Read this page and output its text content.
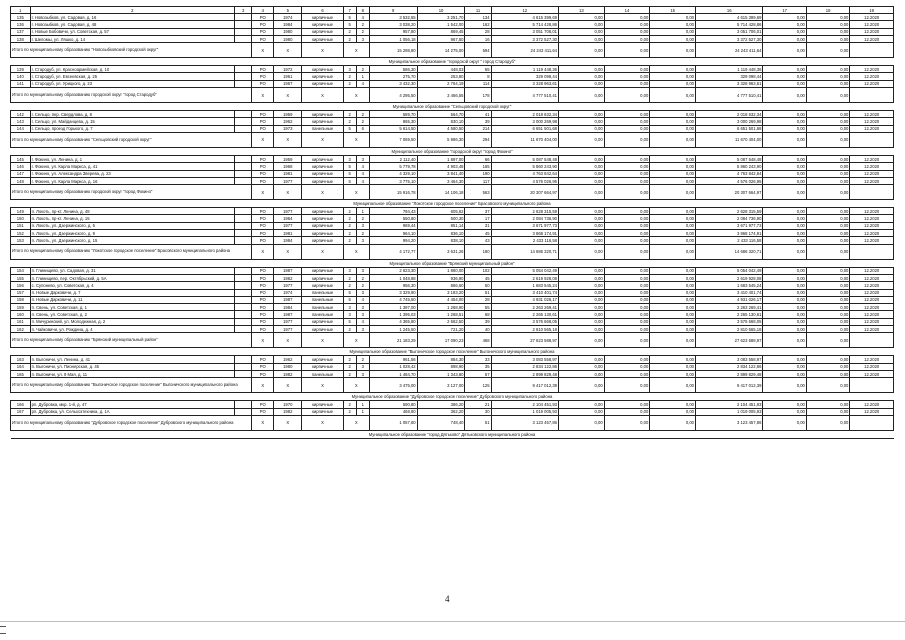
1	2	3	4	5	6	7	8	9	10	11	12	13	14	15	16	17	18	19
135	г. Новозыбков, ул. Садовая, д. 16		РО	1974	кирпичные	5	4	3 532,55	3 251,70	134	4 615 399,69	0,00	0,00	0,00	4 615 399,69	0,00	0,00	12.2020
136	г. Новозыбков, ул. Садовая, д. 48		РО	1984	кирпичные	5	2	3 038,20	1 542,00	162	5 714 428,86	0,00	0,00	0,00	5 714 428,86	0,00	0,00	12.2020
137	г. Новые Бобовичи, ул. Советская, д. 57		РО	1980	кирпичные	2	2	957,80	869,45	28	3 051 706,01	0,00	0,00	0,00	3 051 706,01	0,00	0,00	12.2020
138	г. Шеломы, ул. Ляшко, д. 14		РО	1980	кирпичные	2	3	1 056,18	967,50	16	3 372 527,30	0,00	0,00	0,00	3 372 527,30	0,00	0,00	12.2020
Итого по муниципальному образованию "Новозыбковский городской округ"			X	X	X	X		15 298,80	14 275,00	594	24 243 411,64	0,00	0,00	0,00	24 243 411,64	0,00	0,00	
Муниципальное образование "городской округ " город Стародуб"																		
139	г. Стародуб, ул. Красноармейская, д. 10		РО	1972	кирпичные	3	2	586,30	448,03	55	1 119 448,36	0,00	0,00	0,00	1 119 448,36	0,00	0,00	12.2020
140	г. Стародуб, ул. Евсеевская, д. 25		РО	1961	кирпичные	2	1	275,70	253,80	8	329 098,44	0,00	0,00	0,00	329 098,44	0,00	0,00	12.2020
141	г. Стародуб, ул. Урицкого, д. 23		РО	1967	кирпичные	2	4	3 432,30	2 764,19	114	3 328 963,61	0,00	0,00	0,00	3 328 963,61	0,00	0,00	12.2020
Итого по муниципальному образованию городской округ "город Стародуб"			X	X	X	X		4 295,50	3 466,55	178	4 777 510,41	0,00	0,00	0,00	4 777 510,41	0,00	0,00	
Муниципальное образование "Сельцовский городской округ"																		
142	г. Сельцо, пер. Свердлова, д. 8		РО	1959	кирпичные	2	2	589,70	564,70	41	2 018 632,34	0,00	0,00	0,00	2 018 632,34	0,00	0,00	12.2020
143	г. Сельцо, ул. Майданцева, д. 15		РО	1962	кирпичные	2	2	865,30	830,10	39	3 000 269,98	0,00	0,00	0,00	3 000 269,98	0,00	0,00	12.2020
144	г. Сельцо, проезд Горького, д. 7		РО	1973	панельные	5	6	5 614,50	4 580,50	214	6 651 501,68	0,00	0,00	0,00	6 651 501,68	0,00	0,00	12.2020
Итого по муниципальному образованию "Сельцовский городской округ"			X	X	X	X		7 069,50	5 986,30	294	11 670 404,00	0,00	0,00	0,00	11 670 404,00	0,00	0,00	
Муниципальное образование "городской округ "город Фокино"																		
145	г. Фокино, ул. Ленина, д. 1		РО	1959	кирпичные	3	3	2 112,40	1 897,00	66	5 087 548,48	0,00	0,00	0,00	5 087 548,48	0,00	0,00	12.2020
146	г. Фокино, ул. Карла Маркса, д. 41		РО	1968	кирпичные	5	4	5 779,78	4 903,48	165	5 860 243,90	0,00	0,00	0,00	5 860 243,90	0,00	0,00	12.2020
147	г. Фокино, ул. Александра Зверева, д. 23		РО	1981	кирпичные	5	4	4 329,10	3 841,40	190	4 763 842,64	0,00	0,00	0,00	4 763 842,64	0,00	0,00	12.2020
148	г. Фокино, ул. Карла Маркса, д. 16		РО	1977	кирпичные	5	4	3 775,10	3 464,30	117	4 576 026,95	0,00	0,00	0,00	4 576 026,95	0,00	0,00	12.2020
Итого по муниципальному образованию городской округ "город Фокино"			X	X	X	X		15 916,78	14 106,18	563	20 307 664,97	0,00	0,00	0,00	20 307 664,97	0,00	0,00	
Муниципальное образование "Локотское городское поселение" Брасовского муниципального района																		
149	п. Локоть, пр-кт. Ленина, д. 48		РО	1977	кирпичные	2	1	794,43	605,62	37	2 628 315,59	0,00	0,00	0,00	2 628 315,59	0,00	0,00	12.2020
150	п. Локоть, пр-кт. Ленина, д. 15		РО	1964	кирпичные	2	2	550,80	500,30	17	2 084 736,90	0,00	0,00	0,00	2 084 736,90	0,00	0,00	12.2020
151	п. Локоть, ул. Дзержинского, д. 5		РО	1977	кирпичные	2	3	969,44	851,14	31	3 671 977,73	0,00	0,00	0,00	3 671 977,73	0,00	0,00	12.2020
152	п. Локоть, ул. Дзержинского, д. 9		РО	1981	кирпичные	2	2	964,10	836,10	45	3 868 174,91	0,00	0,00	0,00	3 868 174,91	0,00	0,00	12.2020
153	п. Локоть, ул. Дзержинского, д. 15		РО	1984	кирпичные	2	3	994,20	838,10	43	2 433 116,58	0,00	0,00	0,00	2 433 116,58	0,00	0,00	12.2020
Итого по муниципальному образованию "Локотское городское поселение" Брасовского муниципального района			X	X	X	X		4 172,77	3 631,26	180	14 686 320,71	0,00	0,00	0,00	14 686 320,71	0,00	0,00	
Муниципальное образование "Брянский муниципальный район"																		
154	п. Глинищево, ул. Садовая, д. 31		РО	1987	кирпичные	3	3	2 623,30	1 860,00	102	5 054 042,49	0,00	0,00	0,00	5 054 042,49	0,00	0,00	12.2020
155	п. Глинищево, пер. Октябрьский, д. 5А		РО	1962	кирпичные	2	2	1 048,88	936,90	45	2 619 928,08	0,00	0,00	0,00	2 619 928,08	0,00	0,00	12.2020
156	с. Супонево, ул. Советская, д. 4		РО	1977	кирпичные	2	2	956,30	866,60	50	1 683 545,24	0,00	0,00	0,00	1 683 545,24	0,00	0,00	12.2020
157	п. Новые Дарковичи, д. 7		РО	1974	панельные	5	3	3 329,90	3 183,20	51	3 410 401,74	0,00	0,00	0,00	3 410 401,74	0,00	0,00	12.2020
158	п. Новые Дарковичи, д. 11		РО	1987	панельные	5	4	4 745,50	4 454,00	28	4 931 026,17	0,00	0,00	0,00	4 931 026,17	0,00	0,00	12.2020
159	п. Свень, ул. Советская, д. 1		РО	1984	панельные	3	3	1 397,00	1 268,90	55	2 263 269,41	0,00	0,00	0,00	2 263 269,41	0,00	0,00	12.2020
160	п. Свень, ул. Советская, д. 2		РО	1987	панельные	3	3	1 395,03	1 268,51	68	2 265 130,61	0,00	0,00	0,00	2 265 130,61	0,00	0,00	12.2020
161	п. Мичуринский, ул. Молодежная, д. 2		РО	1977	кирпичные	5	4	4 365,80	2 662,50	39	3 576 668,05	0,00	0,00	0,00	3 576 668,05	0,00	0,00	12.2020
162	п. Чайковичи, ул. Рождина, д. 4		РО	1977	кирпичные	2	3	1 245,50	721,20	40	2 810 565,18	0,00	0,00	0,00	2 810 565,18	0,00	0,00	12.2020
Итого по муниципальному образованию "Брянский муниципальный район"			X	X	X	X		21 183,29	17 090,23	468	27 623 588,97	0,00	0,00	0,00	27 623 588,97	0,00	0,00	
Муниципальное образование "Выгоничское городское поселение" Выгоничского муниципального района																		
163	п. Выгоничи, ул. Ленина, д. 41		РО	1962	кирпичные	2	2	961,56	884,30	33	3 083 558,97	0,00	0,00	0,00	3 083 558,97	0,00	0,00	12.2020
164	п. Выгоничи, ул. Пионерская, д. 45		РО	1980	кирпичные	2	3	1 028,42	898,90	35	2 834 122,86	0,00	0,00	0,00	2 834 122,86	0,00	0,00	12.2020
165	п. Выгоничи, ул. 9 Мая, д. 11		РО	1982	панельные	2	3	1 484,70	1 343,80	57	2 899 829,48	0,00	0,00	0,00	2 899 829,48	0,00	0,00	12.2020
Итого по муниципальному образованию "Выгоничское городское поселение" Выгоничского муниципального района			X	X	X	X		3 475,00	3 127,00	125	9 417 012,39	0,00	0,00	0,00	9 417 012,39	0,00	0,00	
Муниципальное образование "Дубровское городское поселение" Дубровского муниципального района																		
166	рп. Дубровка, мкр. 1-й, д. 47		РО	1970	кирпичные	2	1	590,80	386,20	21	2 104 451,93	0,00	0,00	0,00	2 104 451,93	0,00	0,00	12.2020
167	рп. Дубровка, ул. Сельхозтехника, д. 1А		РО	1982	кирпичные	2	1	468,80	362,20	30	1 019 005,93	0,00	0,00	0,00	1 019 005,93	0,00	0,00	12.2020
Итого по муниципальному образованию "Дубровское городское поселение" Дубровского муниципального района			X	X	X	X		1 057,60	748,40	51	3 123 457,86	0,00	0,00	0,00	3 123 457,86	0,00	0,00	
Муниципальное образование "город Дятьково" Дятьковского муниципального района																		
4
